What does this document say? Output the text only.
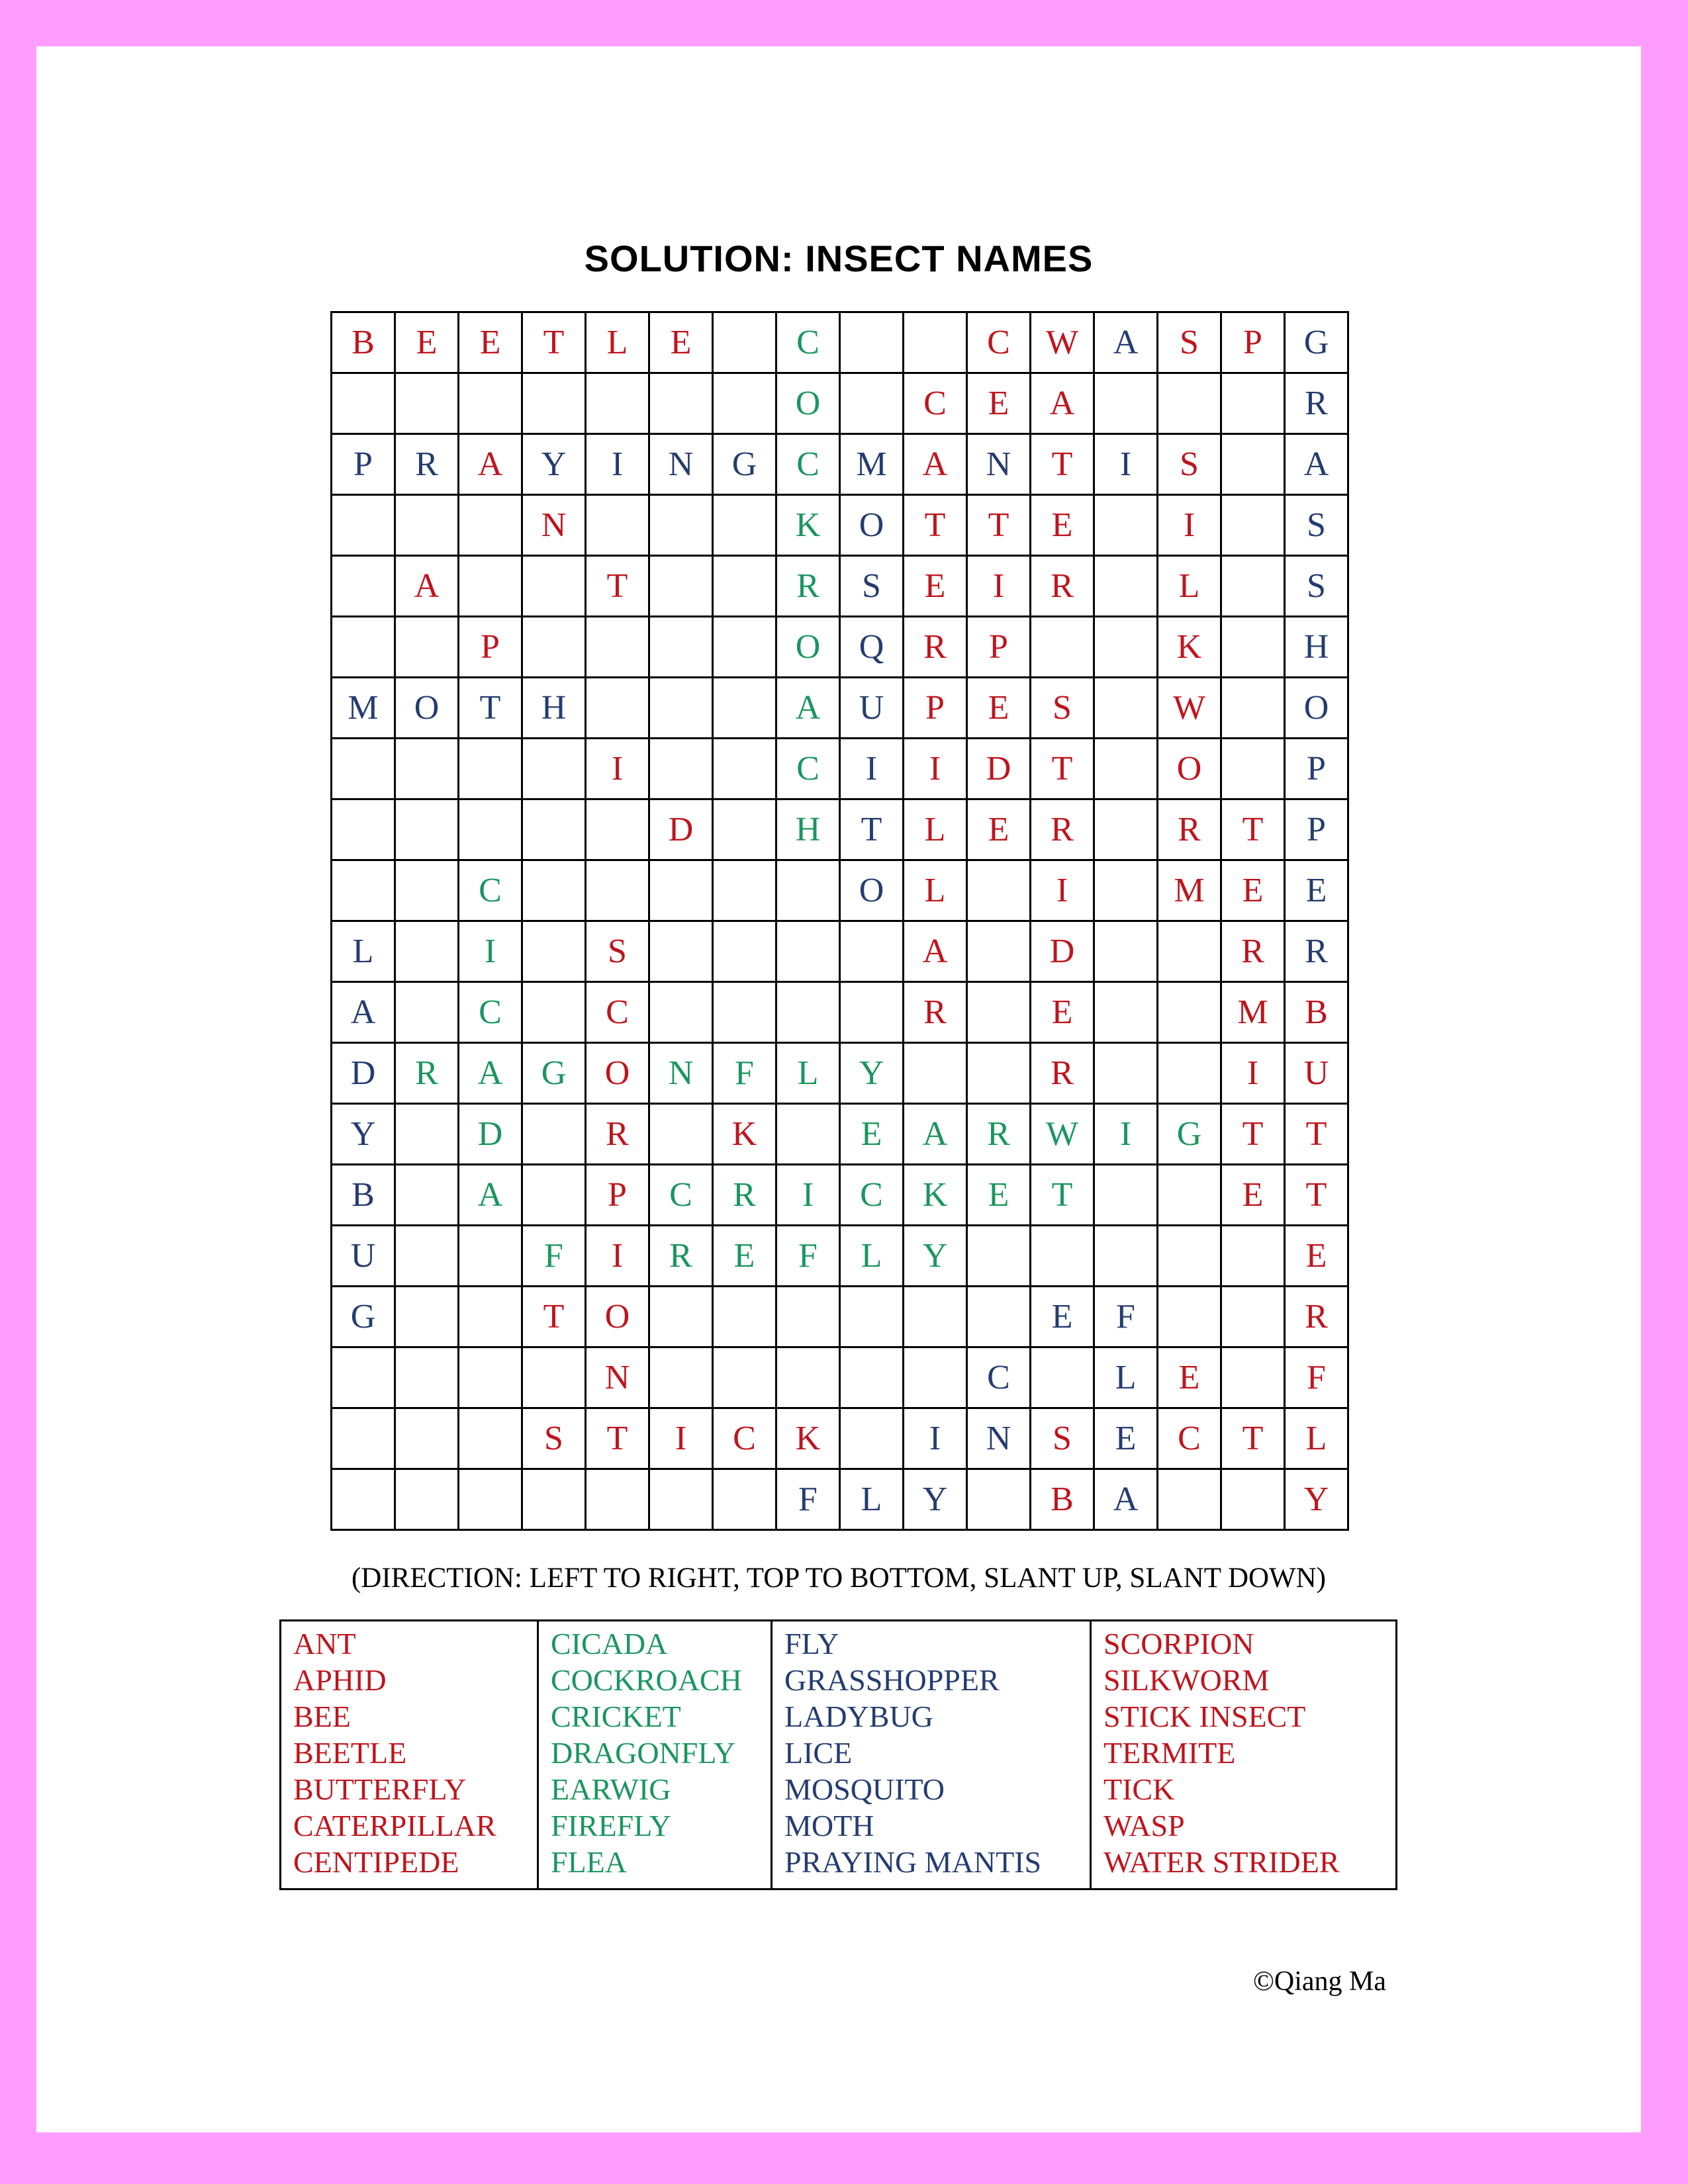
SOLUTION: INSECT NAMES
B	E	E	T	L	E		C			C	W	A	S	P	G
							O		C	E	A				R
P	R	A	Y	I	N	G	C	M	A	N	T	I	S		A
			N				K	O	T	T	E		I		S
	A			T			R	S	E	I	R		L		S
		P					O	Q	R	P			K		H
M	O	T	H				A	U	P	E	S		W		O
				I			C	I	I	D	T		O		P
					D		H	T	L	E	R		R	T	P
		C						O	L		I		M	E	E
L		I		S					A		D			R	R
A		C		C					R		E			M	B
D	R	A	G	O	N	F	L	Y			R			I	U
Y		D		R		K		E	A	R	W	I	G	T	T
B		A		P	C	R	I	C	K	E	T			E	T
U			F	I	R	E	F	L	Y						E
G			T	O							E	F			R
				N						C		L	E		F
			S	T	I	C	K		I	N	S	E	C	T	L
							F	L	Y		B	A			Y
(DIRECTION: LEFT TO RIGHT, TOP TO BOTTOM, SLANT UP, SLANT DOWN)
ANT
APHID
BEE
BEETLE
BUTTERFLY
CATERPILLAR
CENTIPEDE

CICADA
COCKROACH
CRICKET
DRAGONFLY
EARWIG
FIREFLY
FLEA

FLY
GRASSHOPPER
LADYBUG
LICE
MOSQUITO
MOTH
PRAYING MANTIS

SCORPION
SILKWORM
STICK INSECT
TERMITE
TICK
WASP
WATER STRIDER
©Qiang Ma
